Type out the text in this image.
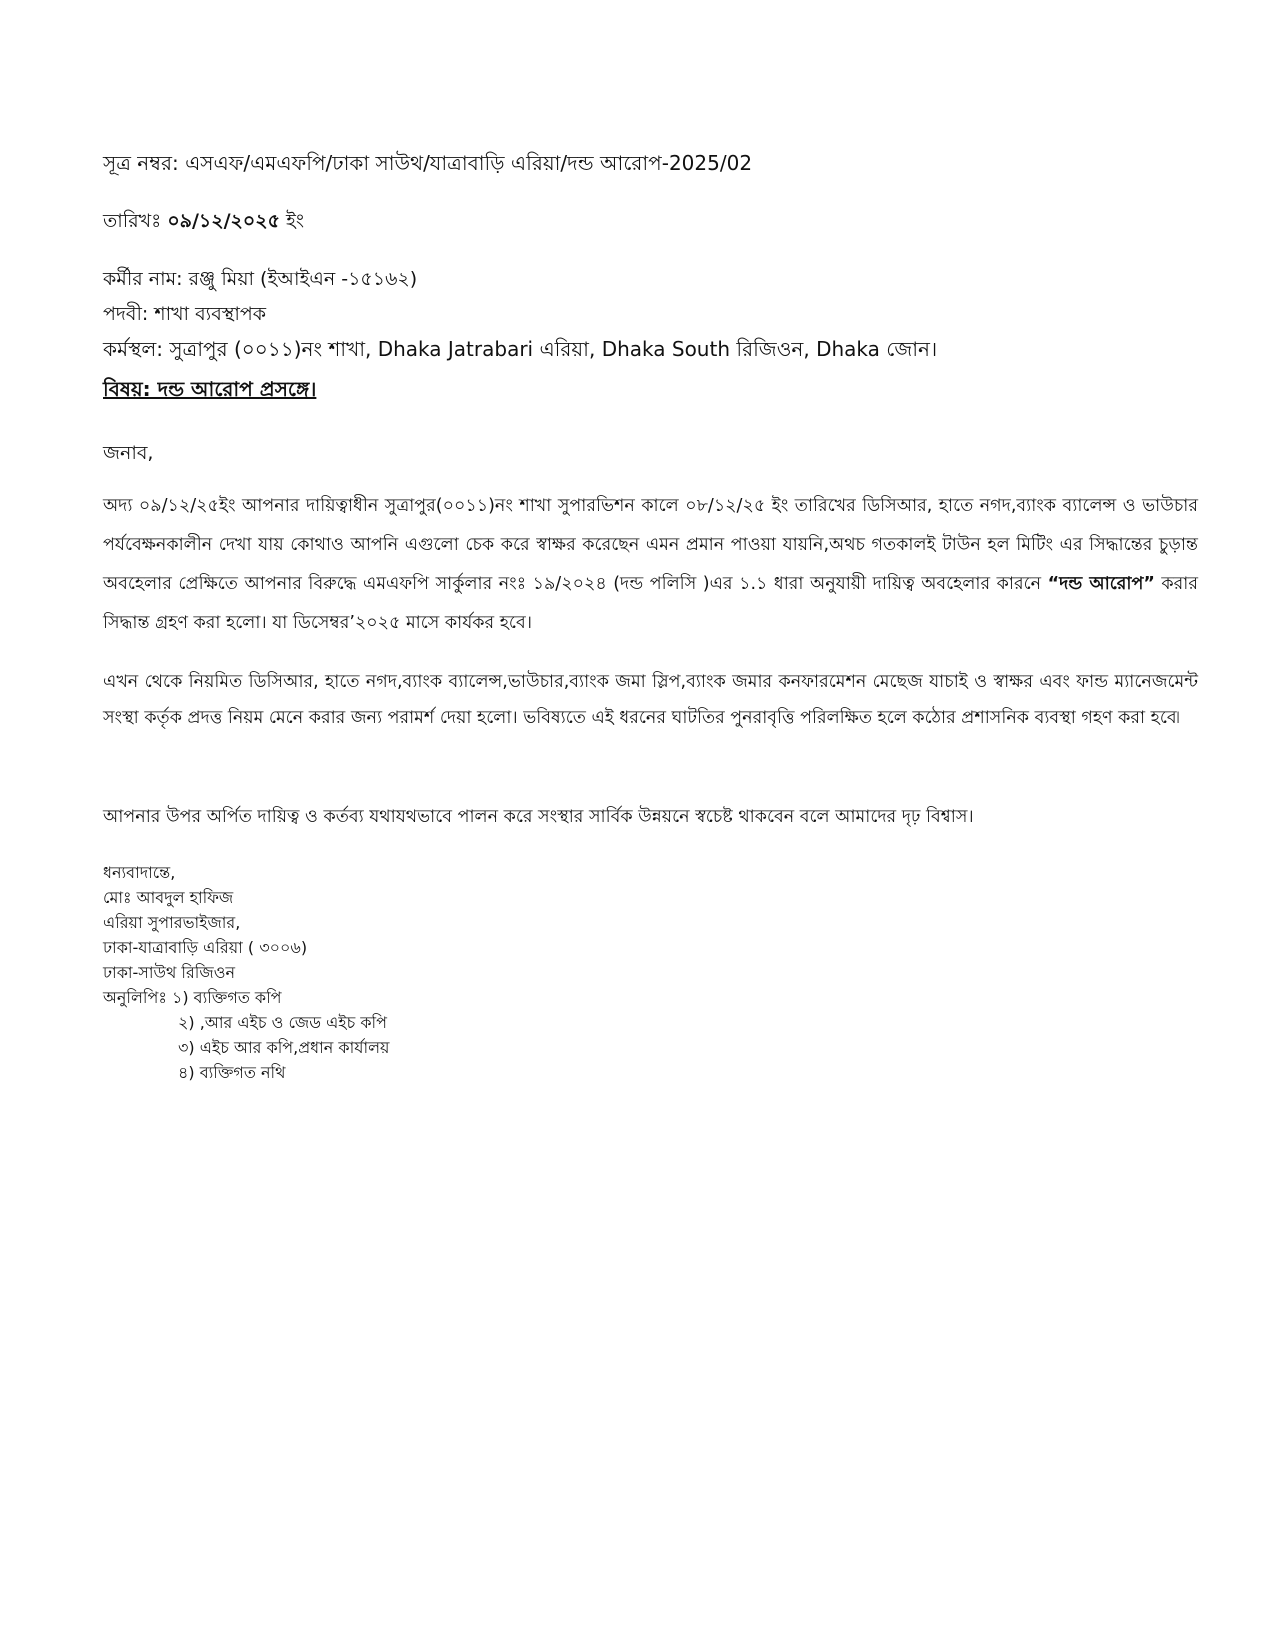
সূত্র নম্বর: এসএফ/এমএফপি/ঢাকা সাউথ/যাত্রাবাড়ি এরিয়া/দন্ড আরোপ-2025/02
তারিখঃ ০৯/১২/২০২৫ ইং
কর্মীর নাম: রঞ্জু মিয়া (ইআইএন -১৫১৬২)
পদবী: শাখা ব্যবস্থাপক
কর্মস্থল: সুত্রাপুর (০০১১)নং শাখা, Dhaka Jatrabari এরিয়া, Dhaka South রিজিওন, Dhaka জোন।
বিষয়: দন্ড আরোপ প্রসঙ্গে।
জনাব,
অদ্য ০৯/১২/২৫ইং আপনার দায়িত্বাধীন সুত্রাপুর(০০১১)নং শাখা সুপারভিশন কালে ০৮/১২/২৫ ইং তারিখের ডিসিআর, হাতে নগদ,ব্যাংক ব্যালেন্স ও ভাউচার পর্যবেক্ষনকালীন দেখা যায় কোথাও আপনি এগুলো চেক করে স্বাক্ষর করেছেন এমন প্রমান পাওয়া যায়নি,অথচ গতকালই টাউন হল মিটিং এর সিদ্ধান্তের চুড়ান্ত অবহেলার প্রেক্ষিতে আপনার বিরুদ্ধে এমএফপি সার্কুলার নংঃ ১৯/২০২৪ (দন্ড পলিসি )এর ১.১ ধারা অনুযায়ী দায়িত্ব অবহেলার কারনে “দন্ড আরোপ” করার সিদ্ধান্ত গ্রহণ করা হলো। যা ডিসেম্বর’২০২৫ মাসে কার্যকর হবে।
এখন থেকে নিয়মিত ডিসিআর, হাতে নগদ,ব্যাংক ব্যালেন্স,ভাউচার,ব্যাংক জমা স্লিপ,ব্যাংক জমার কনফারমেশন মেছেজ যাচাই ও স্বাক্ষর এবং ফান্ড ম্যানেজমেন্ট সংস্থা কর্তৃক প্রদত্ত নিয়ম মেনে করার জন্য পরামর্শ দেয়া হলো। ভবিষ্যতে এই ধরনের ঘাটতির পুনরাবৃত্তি পরিলক্ষিত হলে কঠোর প্রশাসনিক ব্যবস্থা গহণ করা হবে৷
আপনার উপর অর্পিত দায়িত্ব ও কর্তব্য যথাযথভাবে পালন করে সংস্থার সার্বিক উন্নয়নে স্বচেষ্ট থাকবেন বলে আমাদের দৃঢ় বিশ্বাস।
ধন্যবাদান্তে,
মোঃ আবদুল হাফিজ
এরিয়া সুপারভাইজার,
ঢাকা-যাত্রাবাড়ি এরিয়া ( ৩০০৬)
ঢাকা-সাউথ রিজিওন
অনুলিপিঃ ১) ব্যক্তিগত কপি
২) ,আর এইচ ও জেড এইচ কপি
৩) এইচ আর কপি,প্রধান কার্যালয়
৪) ব্যক্তিগত নথি
